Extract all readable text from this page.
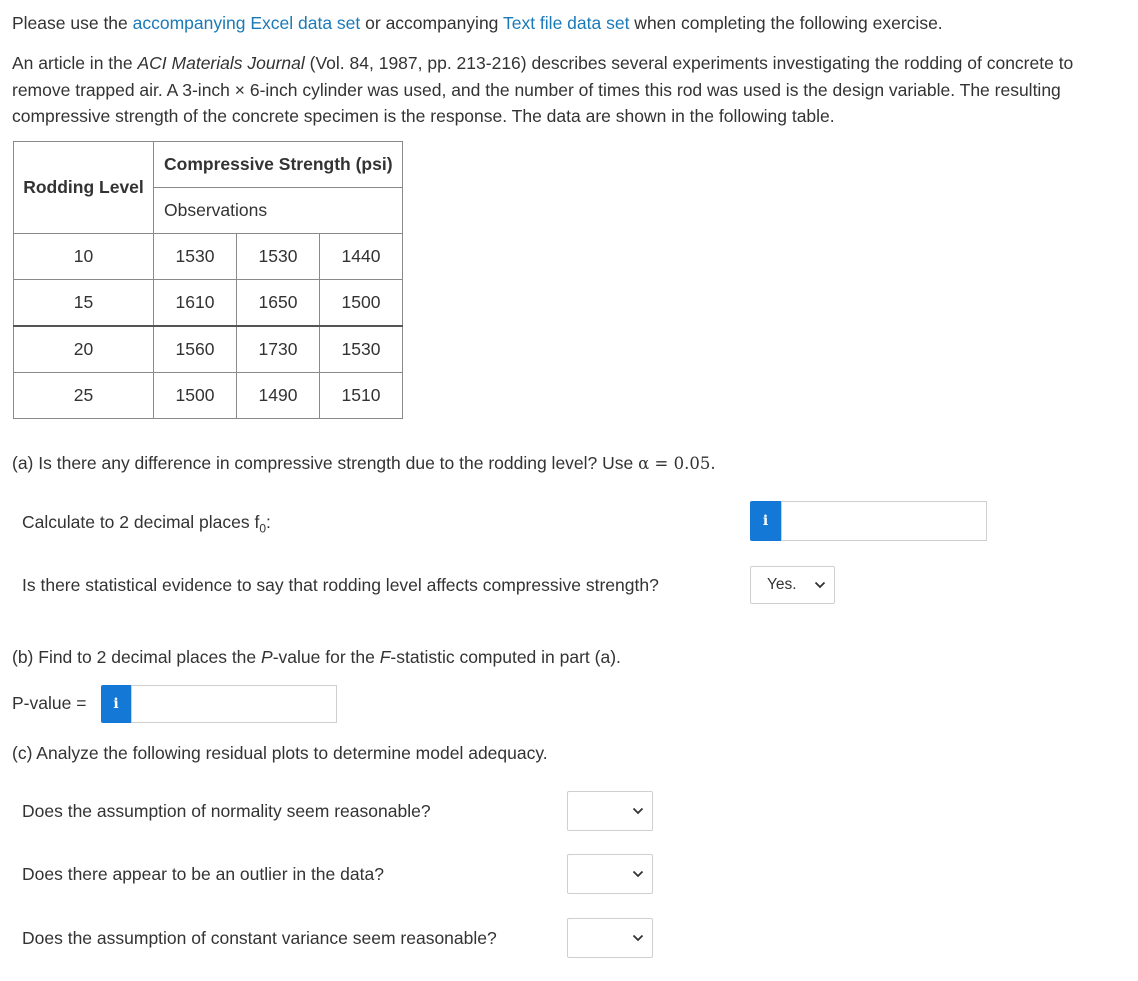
Please use the accompanying Excel data set or accompanying Text file data set when completing the following exercise.

An article in the ACI Materials Journal (Vol. 84, 1987, pp. 213-216) describes several experiments investigating the rodding of concrete to remove trapped air. A 3-inch × 6-inch cylinder was used, and the number of times this rod was used is the design variable. The resulting compressive strength of the concrete specimen is the response. The data are shown in the following table.

Rodding Level	Compressive Strength (psi)		
	Observations		
10	1530	1530	1440
15	1610	1650	1500
20	1560	1730	1530
25	1500	1490	1510

(a) Is there any difference in compressive strength due to the rodding level? Use α = 0.05.

Calculate to 2 decimal places $f_0$:	i

Is there statistical evidence to say that rodding level affects compressive strength?	Yes.

(b) Find to 2 decimal places the P-value for the F-statistic computed in part (a).

P-value = i

(c) Analyze the following residual plots to determine model adequacy.

Does the assumption of normality seem reasonable?

Does there appear to be an outlier in the data?

Does the assumption of constant variance seem reasonable?
